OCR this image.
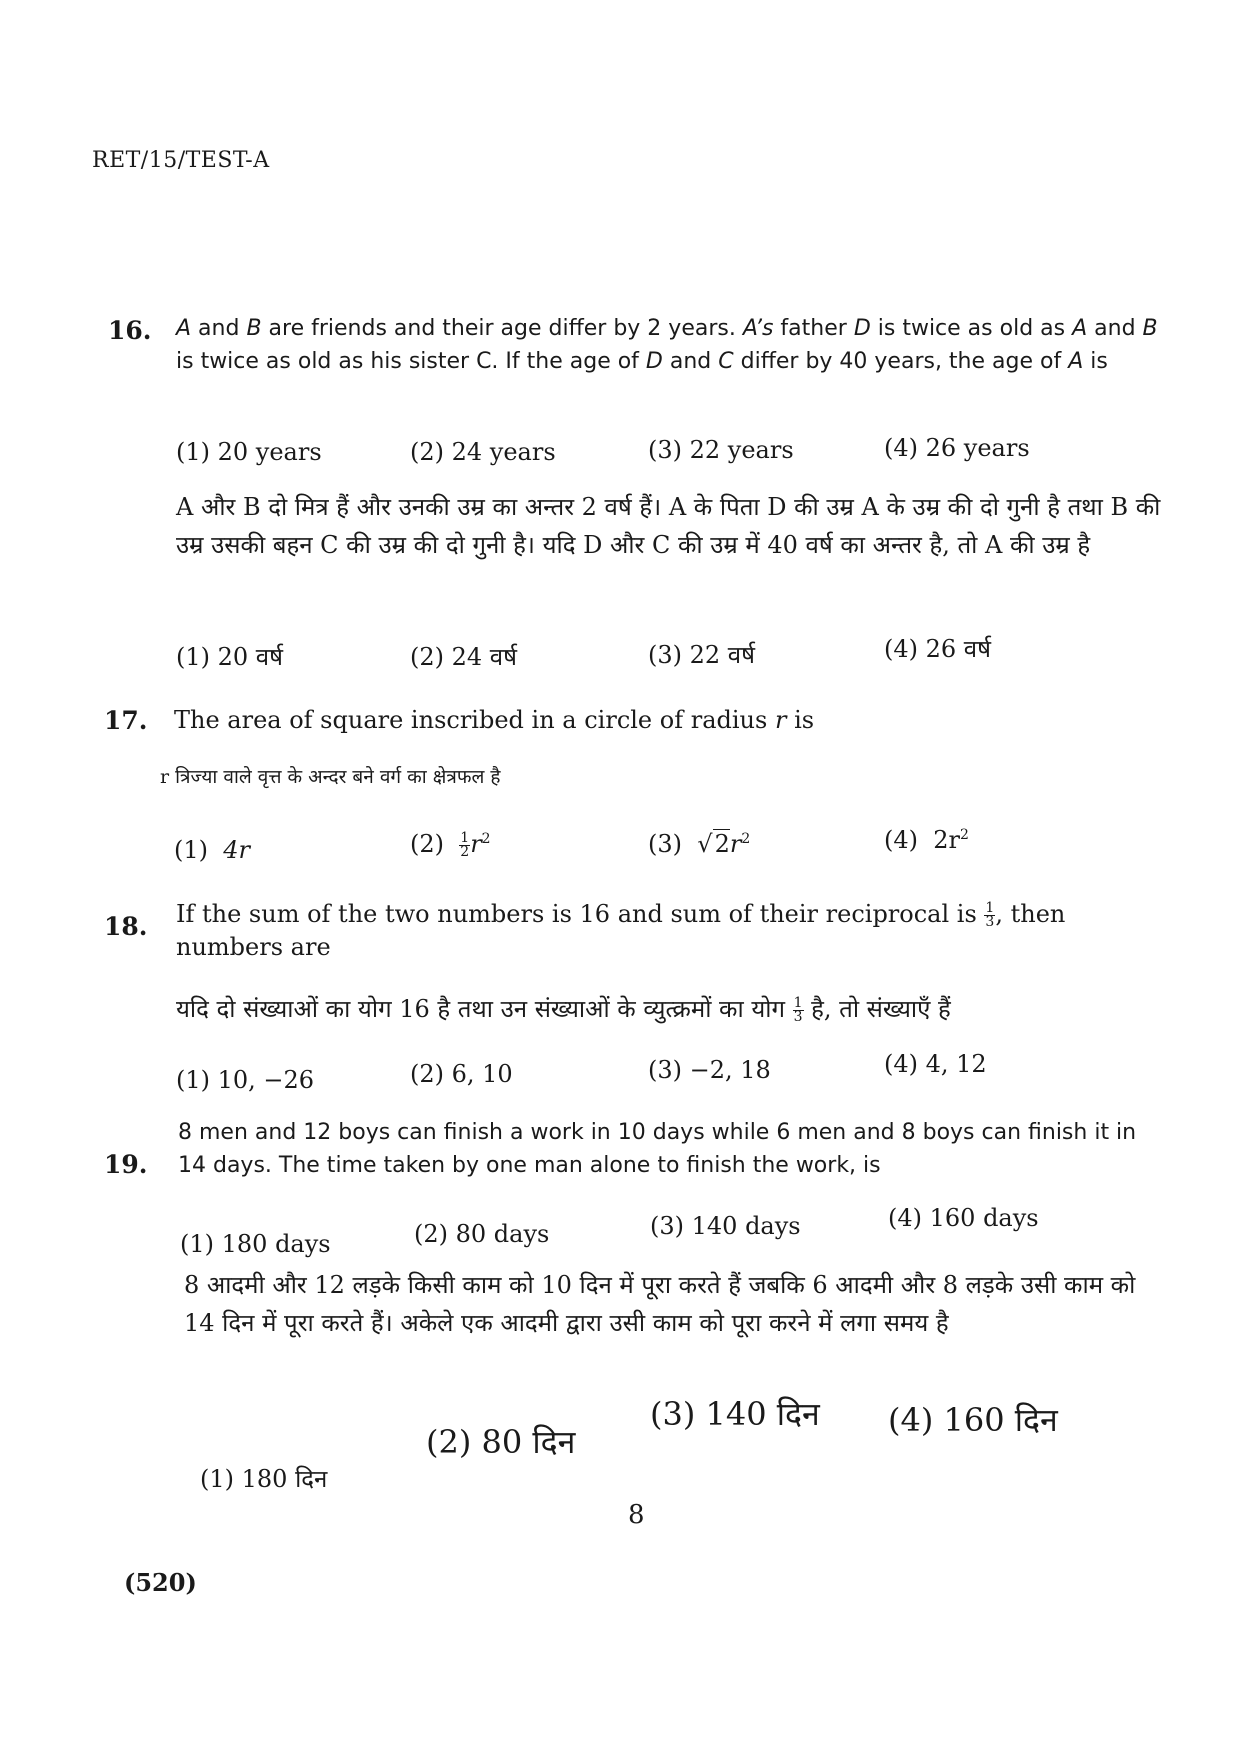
RET/15/TEST-A
16. A and B are friends and their age differ by 2 years. A’s father D is twice as old as A and B is twice as old as his sister C. If the age of D and C differ by 40 years, the age of A is
(1) 20 years	(2) 24 years	(3) 22 years	(4) 26 years
A और B दो मित्र हैं और उनकी उम्र का अन्तर 2 वर्ष हैं। A के पिता D की उम्र A के उम्र की दो गुनी है तथा B की उम्र उसकी बहन C की उम्र की दो गुनी है। यदि D और C की उम्र में 40 वर्ष का अन्तर है, तो A की उम्र है
(1) 20 वर्ष	(2) 24 वर्ष	(3) 22 वर्ष	(4) 26 वर्ष
17. The area of square inscribed in a circle of radius r is
r त्रिज्या वाले वृत्त के अन्दर बने वर्ग का क्षेत्रफल है
(1) 4r	$(2) \frac{1}{2} r^2$	(3) $√2r^2$	(4) $2r^2$
18. If the sum of the two numbers is 16 and sum of their reciprocal is $\frac{1}{3}$ , then numbers are
यदि दो संख्याओं का योग 16 है तथा उन संख्याओं के व्युत्क्रमों का योग $\frac{1}{3}$ है, तो संख्याएँ हैं
(1) 10, −26	(2) 6, 10	(3) −2, 18	(4) 4, 12
19.
8 men and 12 boys can finish a work in 10 days while 6 men and 8 boys can finish it in 14 days. The time taken by one man alone to finish the work, is
(1) 180 days	(2) 80 days	(3) 140 days	(4) 160 days
8 आदमी और 12 लड़के किसी काम को 10 दिन में पूरा करते हैं जबकि 6 आदमी और 8 लड़के उसी काम को 14 दिन में पूरा करते हैं। अकेले एक आदमी द्वारा उसी काम को पूरा करने में लगा समय है
(1) 180 दिन
(2) 80 दिन
(3) 140 दिन (4) 160 दिन
8
(520)
